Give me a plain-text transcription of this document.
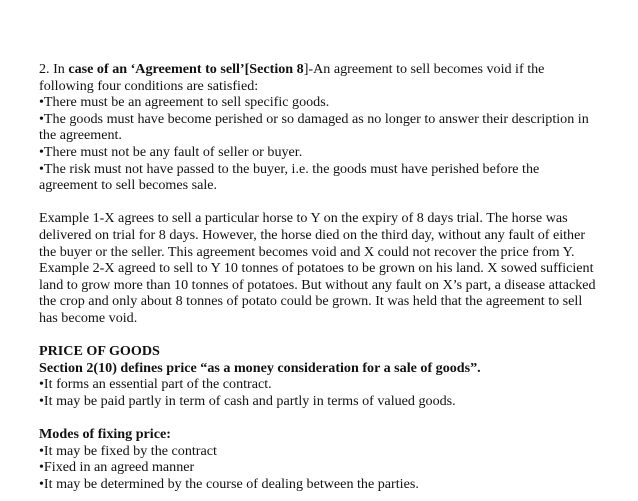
2. In case of an ‘Agreement to sell’[Section 8]-An agreement to sell becomes void if the following four conditions are satisfied:

•There must be an agreement to sell specific goods.

•The goods must have become perished or so damaged as no longer to answer their description in the agreement.

•There must not be any fault of seller or buyer.

•The risk must not have passed to the buyer, i.e. the goods must have perished before the agreement to sell becomes sale.

Example 1-X agrees to sell a particular horse to Y on the expiry of 8 days trial. The horse was delivered on trial for 8 days. However, the horse died on the third day, without any fault of either the buyer or the seller. This agreement becomes void and X could not recover the price from Y.

Example 2-X agreed to sell to Y 10 tonnes of potatoes to be grown on his land. X sowed sufficient land to grow more than 10 tonnes of potatoes. But without any fault on X’s part, a disease attacked the crop and only about 8 tonnes of potato could be grown. It was held that the agreement to sell has become void.

PRICE OF GOODS

Section 2(10) defines price “as a money consideration for a sale of goods”.

•It forms an essential part of the contract.

•It may be paid partly in term of cash and partly in terms of valued goods.

Modes of fixing price:

•It may be fixed by the contract

•Fixed in an agreed manner

•It may be determined by the course of dealing between the parties.
